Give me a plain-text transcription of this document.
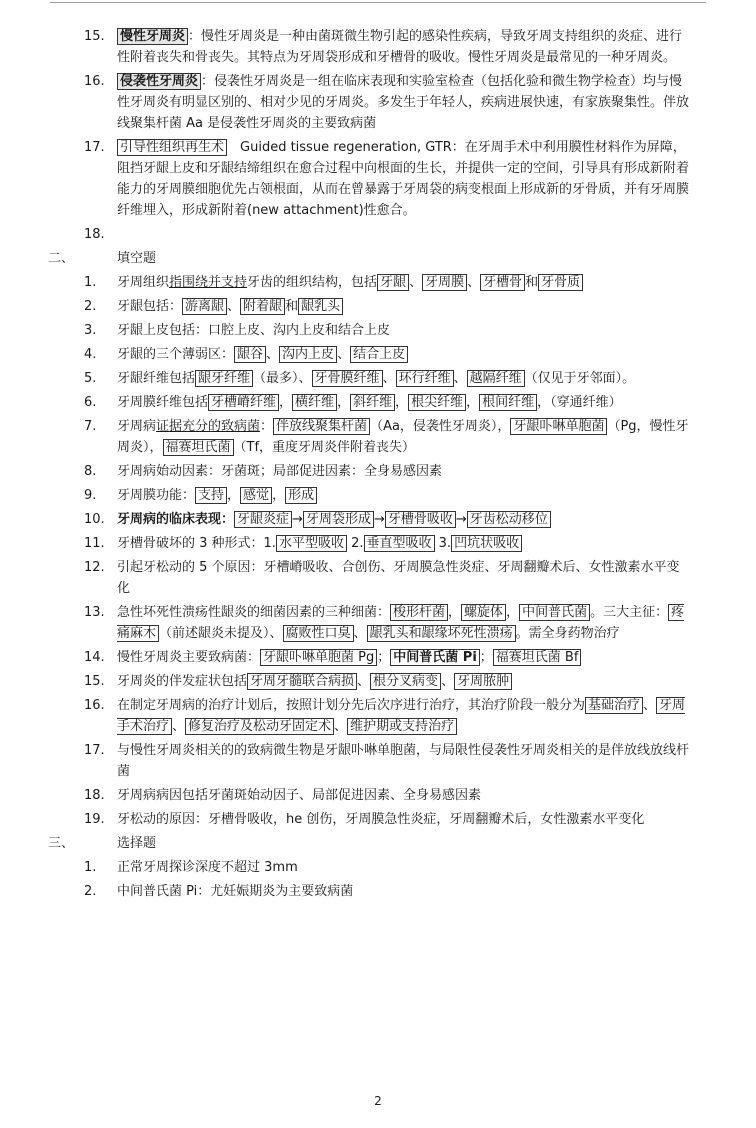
15. 慢性牙周炎 ：慢性牙周炎是一种由菌斑微生物引起的感染性疾病，导致牙周支持组织的炎症、进行性附着丧失和骨丧失。其特点为牙周袋形成和牙槽骨的吸收。慢性牙周炎是最常见的一种牙周炎。
16. 侵袭性牙周炎 ：侵袭性牙周炎是一组在临床表现和实验室检查（包括化验和微生物学检查）均与慢性牙周炎有明显区别的、相对少见的牙周炎。多发生于年轻人，疾病进展快速，有家族聚集性。伴放线聚集杆菌 Aa 是侵袭性牙周炎的主要致病菌
17. 引导性组织再生术　Guided tissue regeneration, GTR：在牙周手术中利用膜性材料作为屏障，阻挡牙龈上皮和牙龈结缔组织在愈合过程中向根面的生长，并提供一定的空间，引导具有形成新附着能力的牙周膜细胞优先占领根面，从而在曾暴露于牙周袋的病变根面上形成新的牙骨质，并有牙周膜纤维埋入，形成新附着(new attachment)性愈合。
18.

二、	填空题
1. 牙周组织指围绕并支持牙齿的组织结构，包括 牙龈 、 牙周膜 、 牙槽骨 和 牙骨质
2. 牙龈包括： 游离龈 、 附着龈 和 龈乳头
3. 牙龈上皮包括：口腔上皮、沟内上皮和结合上皮
4. 牙龈的三个薄弱区： 龈谷 、 沟内上皮 、 结合上皮
5. 牙龈纤维包括 龈牙纤维 （最多）、 牙骨膜纤维 、 环行纤维 、 越隔纤维 （仅见于牙邻面）。
6. 牙周膜纤维包括 牙槽嵴纤维 ， 横纤维 ， 斜纤维 ， 根尖纤维 ， 根间纤维 ，（穿通纤维）
7. 牙周病证据充分的致病菌： 伴放线聚集杆菌 （Aa，侵袭性牙周炎）， 牙龈卟啉单胞菌 （Pg，慢性牙周炎）， 福赛坦氏菌 （Tf，重度牙周炎伴附着丧失）
8. 牙周病始动因素：牙菌斑；局部促进因素：全身易感因素
9. 牙周膜功能： 支持 ， 感觉 ， 形成
10. 牙周病的临床表现： 牙龈炎症 → 牙周袋形成 → 牙槽骨吸收 → 牙齿松动移位
11. 牙槽骨破坏的 3 种形式：1. 水平型吸收 2. 垂直型吸收 3. 凹坑状吸收
12. 引起牙松动的 5 个原因：牙槽嵴吸收、合创伤、牙周膜急性炎症、牙周翻瓣术后、女性激素水平变化
13. 急性坏死性溃疡性龈炎的细菌因素的三种细菌： 梭形杆菌 ， 螺旋体 ， 中间普氏菌 。三大主征： 疼痛麻木 （前述龈炎未提及）、 腐败性口臭 、 龈乳头和龈缘坏死性溃疡 。需全身药物治疗
14. 慢性牙周炎主要致病菌： 牙龈卟啉单胞菌 Pg ； 中间普氏菌 Pi ； 福赛坦氏菌 Bf
15. 牙周炎的伴发症状包括 牙周牙髓联合病损 、 根分叉病变 、 牙周脓肿
16. 在制定牙周病的治疗计划后，按照计划分先后次序进行治疗，其治疗阶段一般分为 基础治疗 、 牙周手术治疗 、 修复治疗及松动牙固定术 、 维护期或支持治疗
17. 与慢性牙周炎相关的的致病微生物是牙龈卟啉单胞菌，与局限性侵袭性牙周炎相关的是伴放线放线杆菌
18. 牙周病病因包括牙菌斑始动因子、局部促进因素、全身易感因素
19. 牙松动的原因：牙槽骨吸收，he 创伤，牙周膜急性炎症，牙周翻瓣术后，女性激素水平变化
三、	选择题
1. 正常牙周探诊深度不超过 3mm
2. 中间普氏菌 Pi：尤妊娠期炎为主要致病菌
2
